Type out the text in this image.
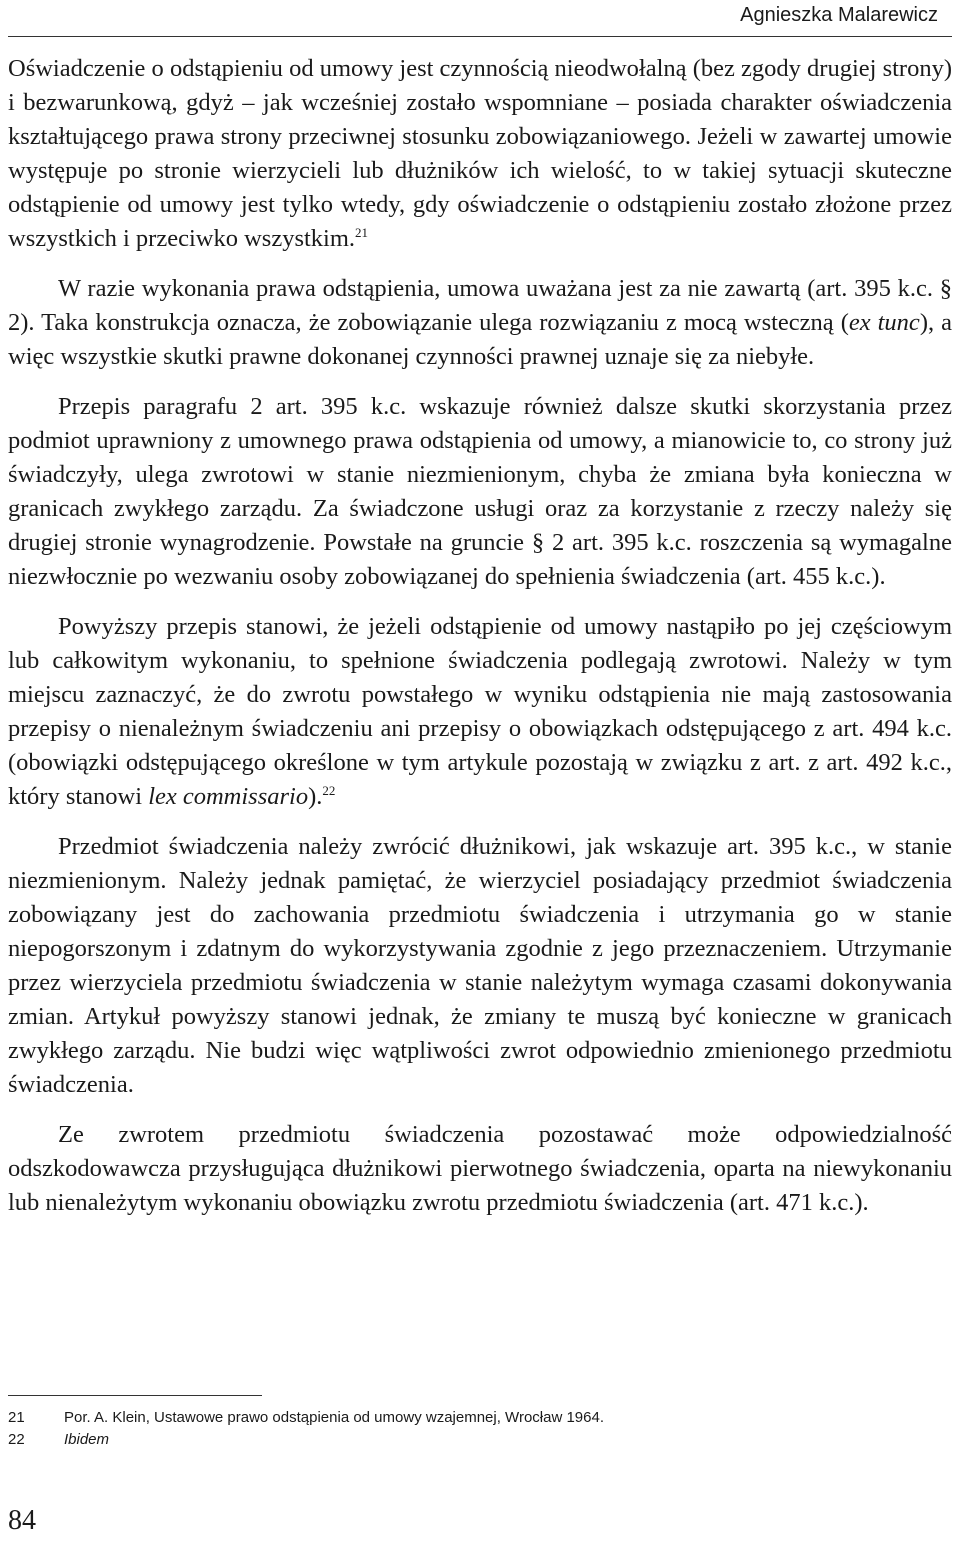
Agnieszka Malarewicz

Oświadczenie o odstąpieniu od umowy jest czynnością nieodwołalną (bez zgody drugiej strony) i bezwarunkową, gdyż – jak wcześniej zostało wspomniane – posiada charakter oświadczenia kształtującego prawa strony przeciwnej stosunku zobowiązaniowego. Jeżeli w zawartej umowie występuje po stronie wierzycieli lub dłużników ich wielość, to w takiej sytuacji skuteczne odstąpienie od umowy jest tylko wtedy, gdy oświadczenie o odstąpieniu zostało złożone przez wszystkich i przeciwko wszystkim.$^{21}$

W razie wykonania prawa odstąpienia, umowa uważana jest za nie zawartą (art. 395 k.c. § 2). Taka konstrukcja oznacza, że zobowiązanie ulega rozwiązaniu z mocą wsteczną (ex tunc), a więc wszystkie skutki prawne dokonanej czynności prawnej uznaje się za niebyłe.

Przepis paragrafu 2 art. 395 k.c. wskazuje również dalsze skutki skorzystania przez podmiot uprawniony z umownego prawa odstąpienia od umowy, a mianowicie to, co strony już świadczyły, ulega zwrotowi w stanie niezmienionym, chyba że zmiana była konieczna w granicach zwykłego zarządu. Za świadczone usługi oraz za korzystanie z rzeczy należy się drugiej stronie wynagrodzenie. Powstałe na gruncie § 2 art. 395 k.c. roszczenia są wymagalne niezwłocznie po wezwaniu osoby zobowiązanej do spełnienia świadczenia (art. 455 k.c.).

Powyższy przepis stanowi, że jeżeli odstąpienie od umowy nastąpiło po jej częściowym lub całkowitym wykonaniu, to spełnione świadczenia podlegają zwrotowi. Należy w tym miejscu zaznaczyć, że do zwrotu powstałego w wyniku odstąpienia nie mają zastosowania przepisy o nienależnym świadczeniu ani przepisy o obowiązkach odstępującego z art. 494 k.c. (obowiązki odstępującego określone w tym artykule pozostają w związku z art. z art. 492 k.c., który stanowi lex commissario).$^{22}$

Przedmiot świadczenia należy zwrócić dłużnikowi, jak wskazuje art. 395 k.c., w stanie niezmienionym. Należy jednak pamiętać, że wierzyciel posiadający przedmiot świadczenia zobowiązany jest do zachowania przedmiotu świadczenia i utrzymania go w stanie niepogorszonym i zdatnym do wykorzystywania zgodnie z jego przeznaczeniem. Utrzymanie przez wierzyciela przedmiotu świadczenia w stanie należytym wymaga czasami dokonywania zmian. Artykuł powyższy stanowi jednak, że zmiany te muszą być konieczne w granicach zwykłego zarządu. Nie budzi więc wątpliwości zwrot odpowiednio zmienionego przedmiotu świadczenia.

Ze zwrotem przedmiotu świadczenia pozostawać może odpowiedzialność odszkodowawcza przysługująca dłużnikowi pierwotnego świadczenia, oparta na niewykonaniu lub nienależytym wykonaniu obowiązku zwrotu przedmiotu świadczenia (art. 471 k.c.).

21	Por. A. Klein, Ustawowe prawo odstąpienia od umowy wzajemnej, Wrocław 1964.
22	Ibidem
84
